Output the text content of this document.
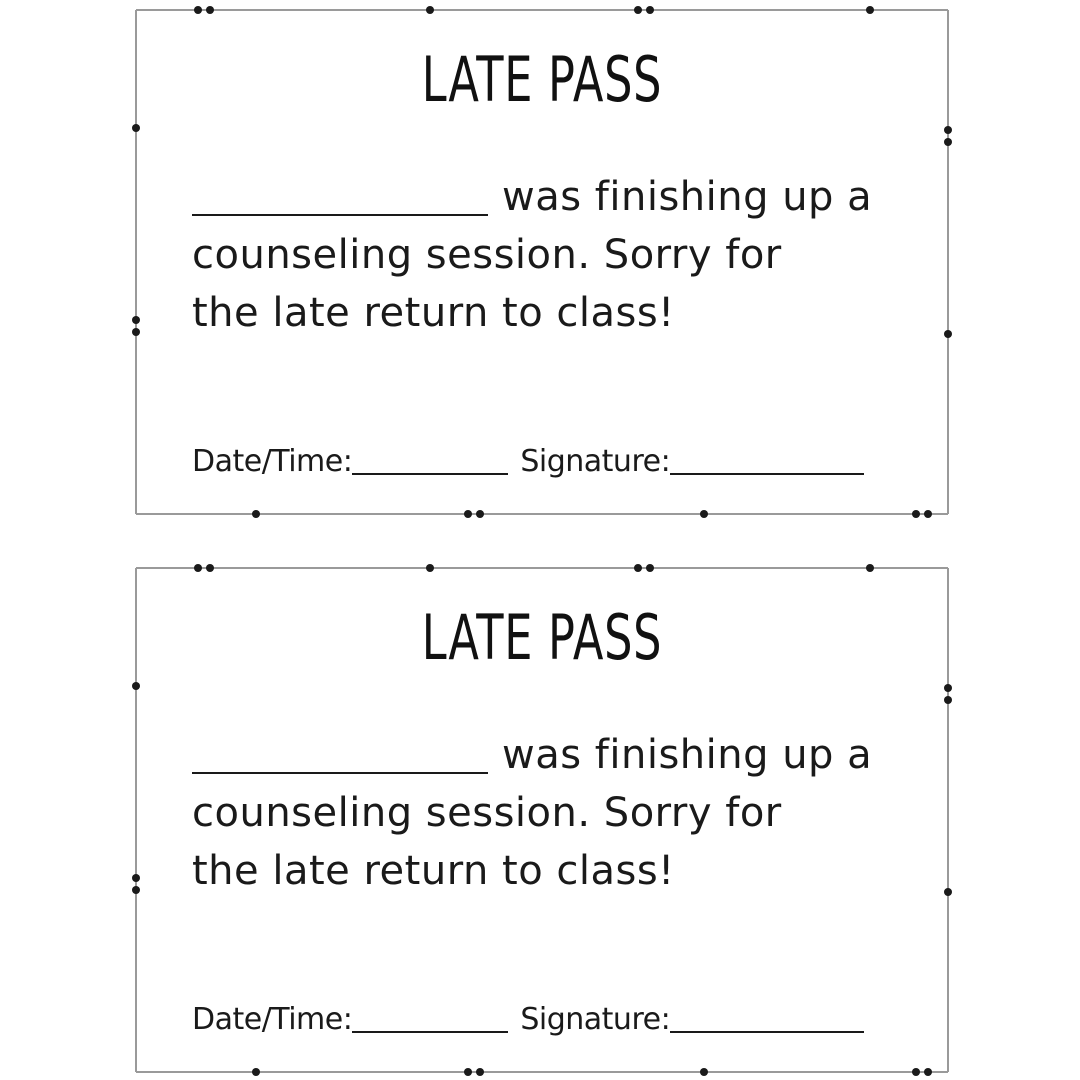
LATE PASS
was finishing up a
counseling session. Sorry for
the late return to class!
Date/Time:	Signature:
LATE PASS
was finishing up a
counseling session. Sorry for
the late return to class!
Date/Time:	Signature:
